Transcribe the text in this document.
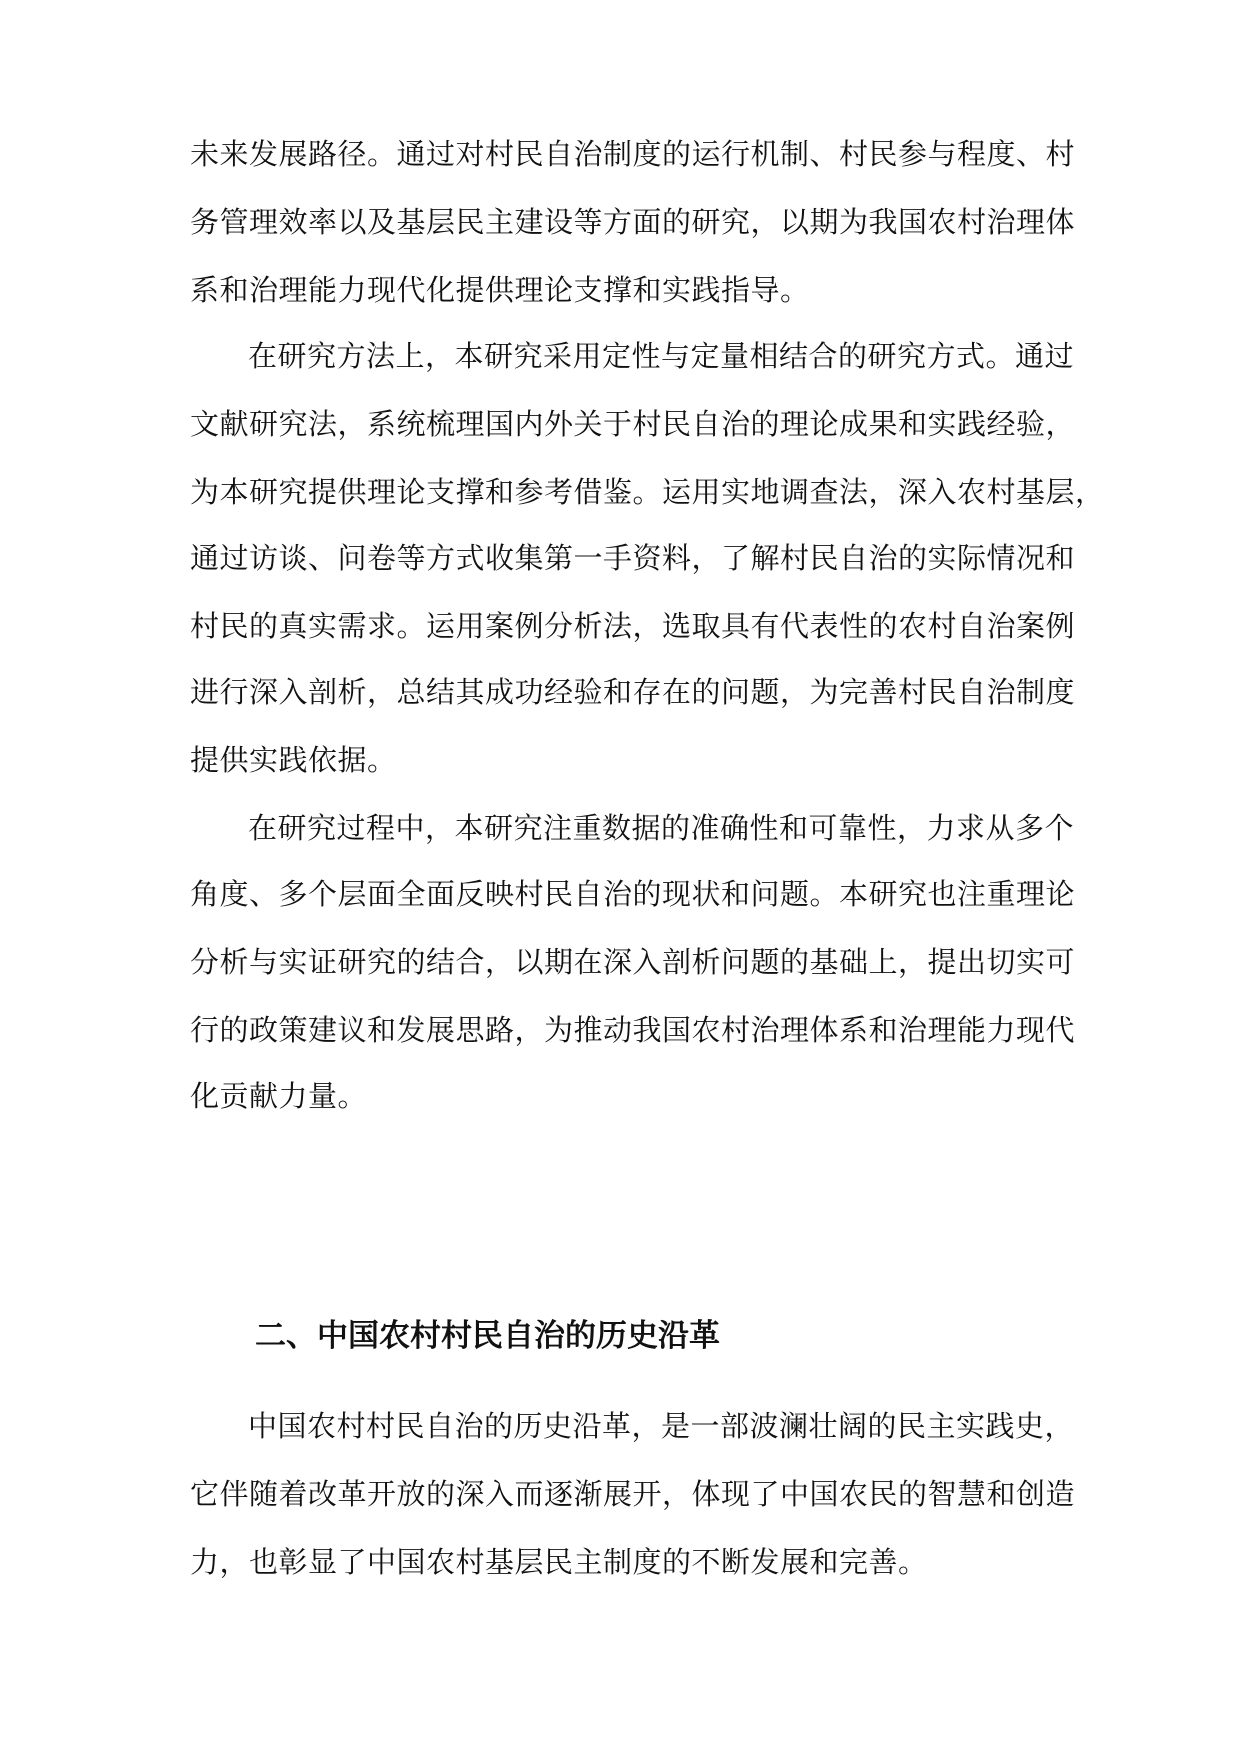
未来发展路径。通过对村民自治制度的运行机制、村民参与程度、村
务管理效率以及基层民主建设等方面的研究，以期为我国农村治理体
系和治理能力现代化提供理论支撑和实践指导。
在研究方法上，本研究采用定性与定量相结合的研究方式。通过
文献研究法，系统梳理国内外关于村民自治的理论成果和实践经验，
为本研究提供理论支撑和参考借鉴。运用实地调查法，深入农村基层，
通过访谈、问卷等方式收集第一手资料，了解村民自治的实际情况和
村民的真实需求。运用案例分析法，选取具有代表性的农村自治案例
进行深入剖析，总结其成功经验和存在的问题，为完善村民自治制度
提供实践依据。
在研究过程中，本研究注重数据的准确性和可靠性，力求从多个
角度、多个层面全面反映村民自治的现状和问题。本研究也注重理论
分析与实证研究的结合，以期在深入剖析问题的基础上，提出切实可
行的政策建议和发展思路，为推动我国农村治理体系和治理能力现代
化贡献力量。
二、中国农村村民自治的历史沿革
中国农村村民自治的历史沿革，是一部波澜壮阔的民主实践史，
它伴随着改革开放的深入而逐渐展开，体现了中国农民的智慧和创造
力，也彰显了中国农村基层民主制度的不断发展和完善。
